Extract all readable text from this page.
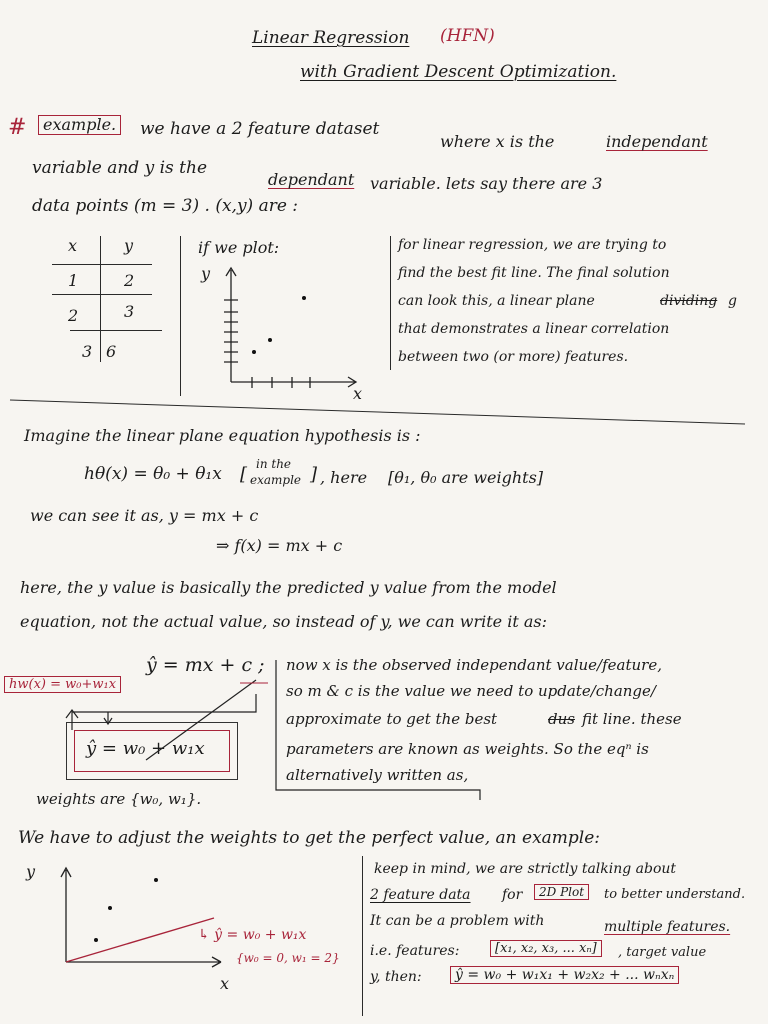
Linear Regression (HFN)
with Gradient Descent Optimization.
#	example. we have a 2 feature dataset
where x is the	independant
variable and y is the
dependant variable. lets say there are 3
data points (m = 3) . (x,y) are :
x	y
1	2
2	3
3 6
if we plot:
y
x
for linear regression, we are trying to
find the best fit line. The final solution
can look this, a linear plane	dividing g
that demonstrates a linear correlation
between two (or more) features.
Imagine the linear plane equation hypothesis is :
hθ(x) = θ₀ + θ₁x [ in the
example ] , here [θ₁, θ₀ are weights]
we can see it as, y = mx + c
⇒ f(x) = mx + c
here, the y value is basically the predicted y value from the model
equation, not the actual value, so instead of y, we can write it as:
hw(x) = w₀+w₁x
ŷ = mx + c ;
ŷ = w₀ + w₁x
weights are {w₀, w₁}.
now x is the observed independant value/feature,
so m & c is the value we need to update/change/
approximate to get the best	dus fit line. these
parameters are known as weights. So the eqⁿ is
alternatively written as,
We have to adjust the weights to get the perfect value, an example:
y
x
↳ ŷ = w₀ + w₁x
{w₀ = 0, w₁ = 2}
keep in mind, we are strictly talking about
2 feature data for	2D Plot	to better understand.
It can be a problem with	multiple features.
i.e. features:	[x₁, x₂, x₃, ... xₙ]	, target value
y, then:	ŷ = w₀ + w₁x₁ + w₂x₂ + ... wₙxₙ
